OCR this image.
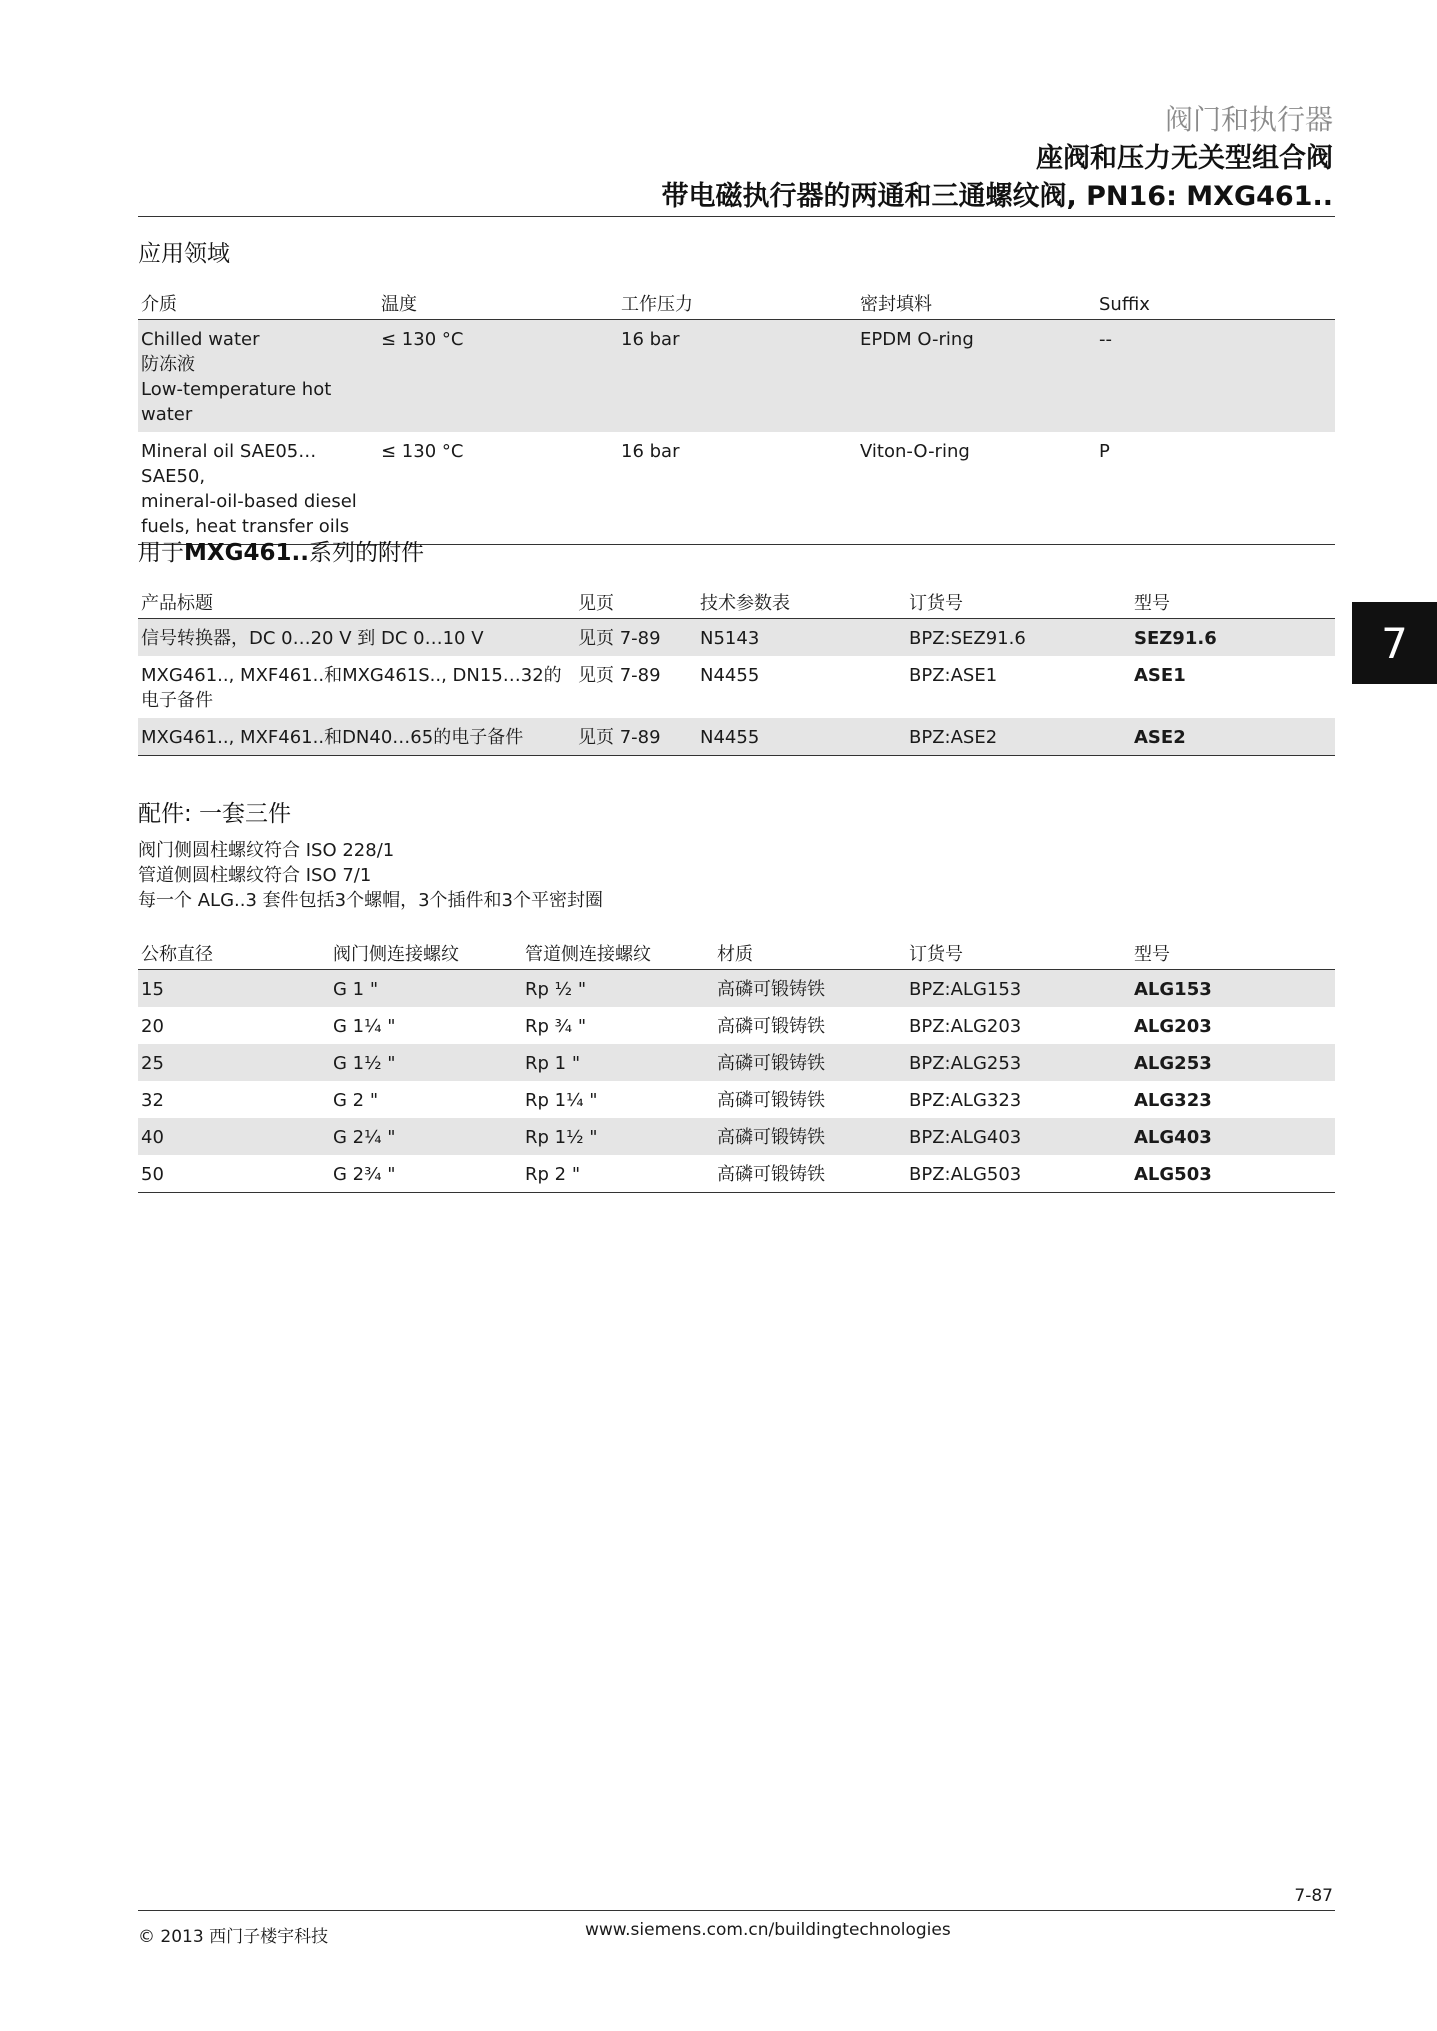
阀门和执行器
座阀和压力无关型组合阀
带电磁执行器的两通和三通螺纹阀, PN16: MXG461..
应用领域
介质	温度	工作压力	密封填料	Suffix

Chilled water
防冻液
Low-temperature hot water	≤ 130 °C	16 bar	EPDM O-ring	--

Mineral oil SAE05…SAE50,
mineral-oil-based diesel
fuels, heat transfer oils	≤ 130 °C	16 bar	Viton-O-ring	P
用于MXG461..系列的附件
产品标题	见页	技术参数表	订货号	型号

信号转换器，DC 0…20 V 到 DC 0…10 V	见页 7-89	N5143	BPZ:SEZ91.6	SEZ91.6

MXG461.., MXF461..和MXG461S.., DN15…32的
电子备件	见页 7-89	N4455	BPZ:ASE1	ASE1

MXG461.., MXF461..和DN40…65的电子备件	见页 7-89	N4455	BPZ:ASE2	ASE2
7
配件: 一套三件
阀门侧圆柱螺纹符合 ISO 228/1
管道侧圆柱螺纹符合 ISO 7/1
每一个 ALG..3 套件包括3个螺帽，3个插件和3个平密封圈
公称直径	阀门侧连接螺纹	管道侧连接螺纹	材质	订货号	型号
15	G 1 "	Rp ½ "	高磷可锻铸铁	BPZ:ALG153	ALG153
20	G 1¼ "	Rp ¾ "	高磷可锻铸铁	BPZ:ALG203	ALG203
25	G 1½ "	Rp 1 "	高磷可锻铸铁	BPZ:ALG253	ALG253
32	G 2 "	Rp 1¼ "	高磷可锻铸铁	BPZ:ALG323	ALG323
40	G 2¼ "	Rp 1½ "	高磷可锻铸铁	BPZ:ALG403	ALG403
50	G 2¾ "	Rp 2 "	高磷可锻铸铁	BPZ:ALG503	ALG503
7-87
© 2013 西门子楼宇科技	www.siemens.com.cn/buildingtechnologies
